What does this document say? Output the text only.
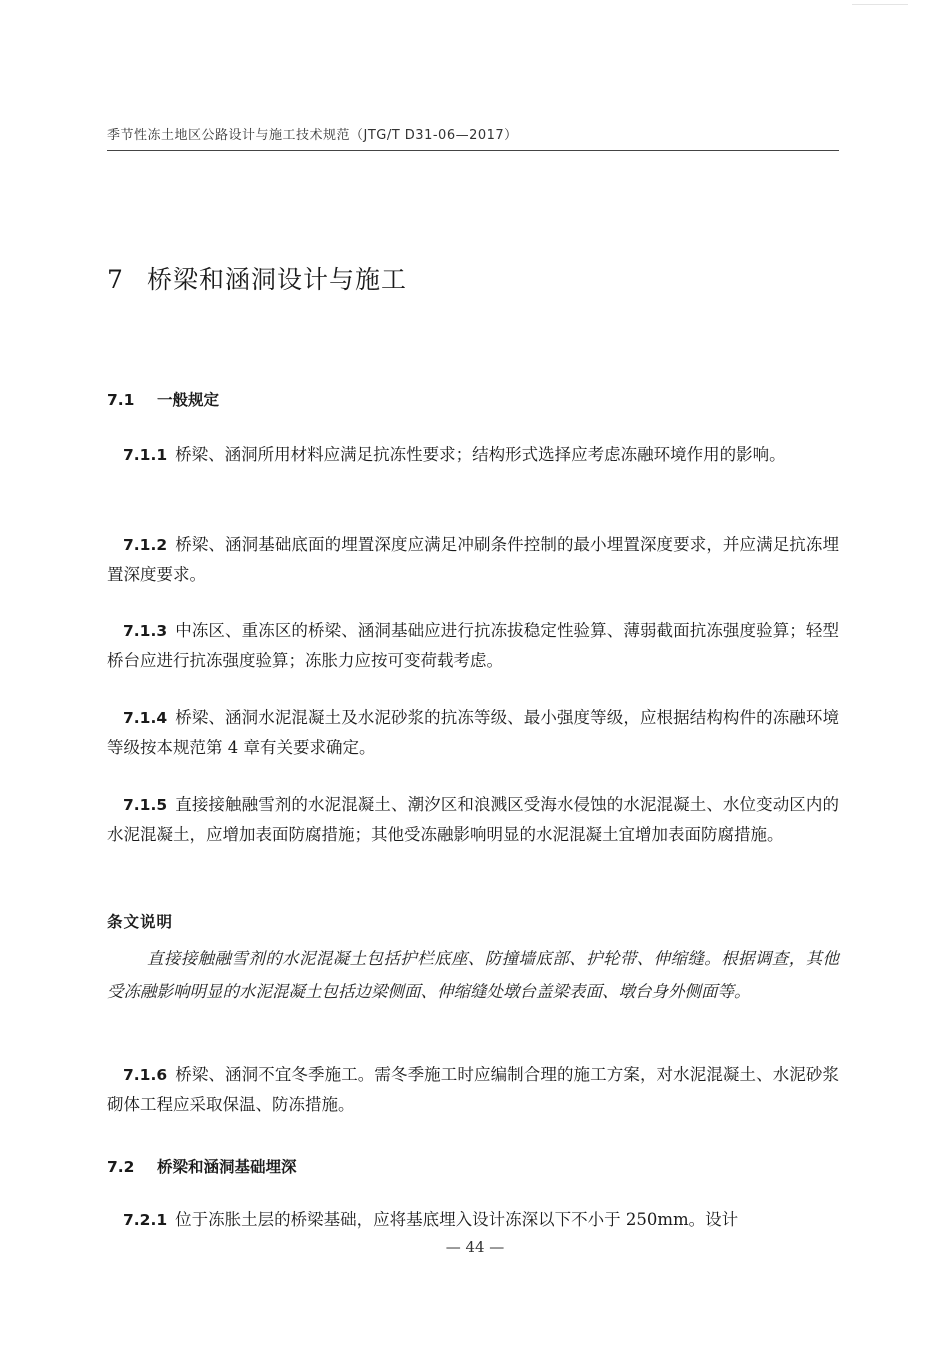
季节性冻土地区公路设计与施工技术规范（JTG/T D31-06—2017）
7 桥梁和涵洞设计与施工
7.1 一般规定

7.1.1 桥梁、涵洞所用材料应满足抗冻性要求；结构形式选择应考虑冻融环境作用的影响。

7.1.2 桥梁、涵洞基础底面的埋置深度应满足冲刷条件控制的最小埋置深度要求，并应满足抗冻埋置深度要求。

7.1.3 中冻区、重冻区的桥梁、涵洞基础应进行抗冻拔稳定性验算、薄弱截面抗冻强度验算；轻型桥台应进行抗冻强度验算；冻胀力应按可变荷载考虑。

7.1.4 桥梁、涵洞水泥混凝土及水泥砂浆的抗冻等级、最小强度等级，应根据结构构件的冻融环境等级按本规范第 4 章有关要求确定。

7.1.5 直接接触融雪剂的水泥混凝土、潮汐区和浪溅区受海水侵蚀的水泥混凝土、水位变动区内的水泥混凝土，应增加表面防腐措施；其他受冻融影响明显的水泥混凝土宜增加表面防腐措施。

条文说明

直接接触融雪剂的水泥混凝土包括护栏底座、防撞墙底部、护轮带、伸缩缝。根据调查，其他受冻融影响明显的水泥混凝土包括边梁侧面、伸缩缝处墩台盖梁表面、墩台身外侧面等。

7.1.6 桥梁、涵洞不宜冬季施工。需冬季施工时应编制合理的施工方案，对水泥混凝土、水泥砂浆砌体工程应采取保温、防冻措施。

7.2 桥梁和涵洞基础埋深

7.2.1 位于冻胀土层的桥梁基础，应将基底埋入设计冻深以下不小于 250mm。设计

— 44 —
